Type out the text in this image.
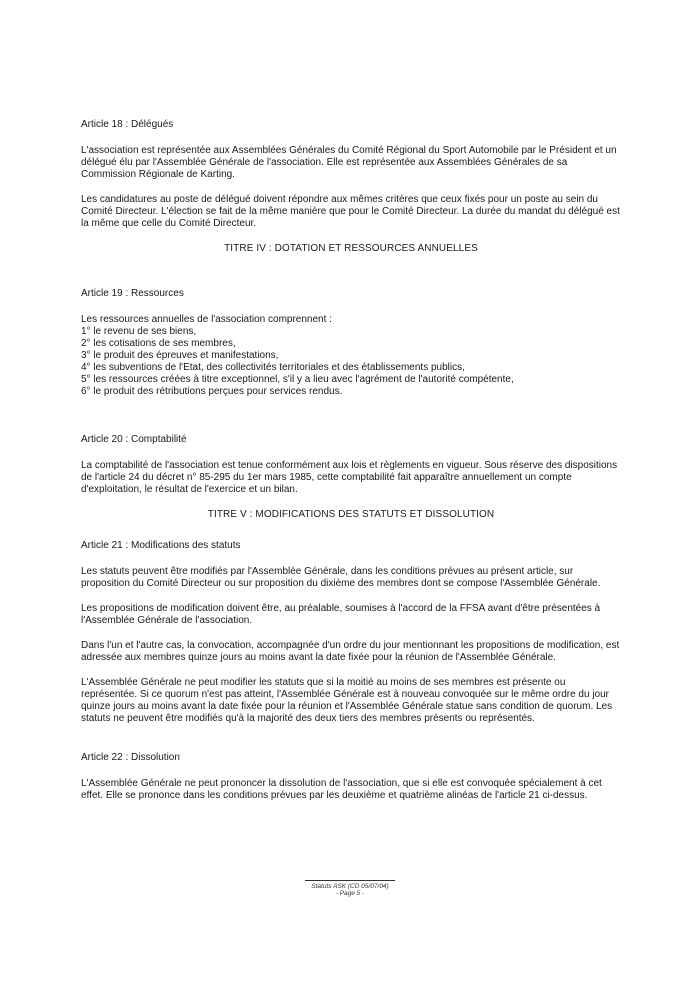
Article 18 : Délégués

L'association est représentée aux Assemblées Générales du Comité Régional du Sport Automobile par le Président et un délégué élu par l'Assemblée Générale de l'association. Elle est représentée aux Assemblées Générales de sa Commission Régionale de Karting.

Les candidatures au poste de délégué doivent répondre aux mêmes critères que ceux fixés pour un poste au sein du Comité Directeur. L'élection se fait de la même manière que pour le Comité Directeur. La durée du mandat du délégué est la même que celle du Comité Directeur.

TITRE IV : DOTATION ET RESSOURCES ANNUELLES

Article 19 : Ressources

Les ressources annuelles de l'association comprennent :

1° le revenu de ses biens,
2° les cotisations de ses membres,
3° le produit des épreuves et manifestations,
4° les subventions de l'Etat, des collectivités territoriales et des établissements publics,
5° les ressources créées à titre exceptionnel, s'il y a lieu avec l'agrément de l'autorité compétente,
6° le produit des rétributions perçues pour services rendus.

Article 20 : Comptabilité

La comptabilité de l'association est tenue conformément aux lois et règlements en vigueur. Sous réserve des dispositions de l'article 24 du décret n° 85-295 du 1er mars 1985, cette comptabilité fait apparaître annuellement un compte d'exploitation, le résultat de l'exercice et un bilan.

TITRE V : MODIFICATIONS DES STATUTS ET DISSOLUTION

Article 21 : Modifications des statuts

Les statuts peuvent être modifiés par l'Assemblée Générale, dans les conditions prévues au présent article, sur proposition du Comité Directeur ou sur proposition du dixième des membres dont se compose l'Assemblée Générale.

Les propositions de modification doivent être, au préalable, soumises à l'accord de la FFSA avant d'être présentées à l'Assemblée Générale de l'association.

Dans l'un et l'autre cas, la convocation, accompagnée d'un ordre du jour mentionnant les propositions de modification, est adressée aux membres quinze jours au moins avant la date fixée pour la réunion de l'Assemblée Générale.

L'Assemblée Générale ne peut modifier les statuts que si la moitié au moins de ses membres est présente ou représentée. Si ce quorum n'est pas atteint, l'Assemblée Générale est à nouveau convoquée sur le même ordre du jour quinze jours au moins avant la date fixée pour la réunion et l'Assemblée Générale statue sans condition de quorum. Les statuts ne peuvent être modifiés qu'à la majorité des deux tiers des membres présents ou représentés.

Article 22 : Dissolution

L'Assemblée Générale ne peut prononcer la dissolution de l'association, que si elle est convoquée spécialement à cet effet. Elle se prononce dans les conditions prévues par les deuxième et quatrième alinéas de l'article 21 ci-dessus.

Statuts ASK (CD 05/07/04)
- Page 5 -
